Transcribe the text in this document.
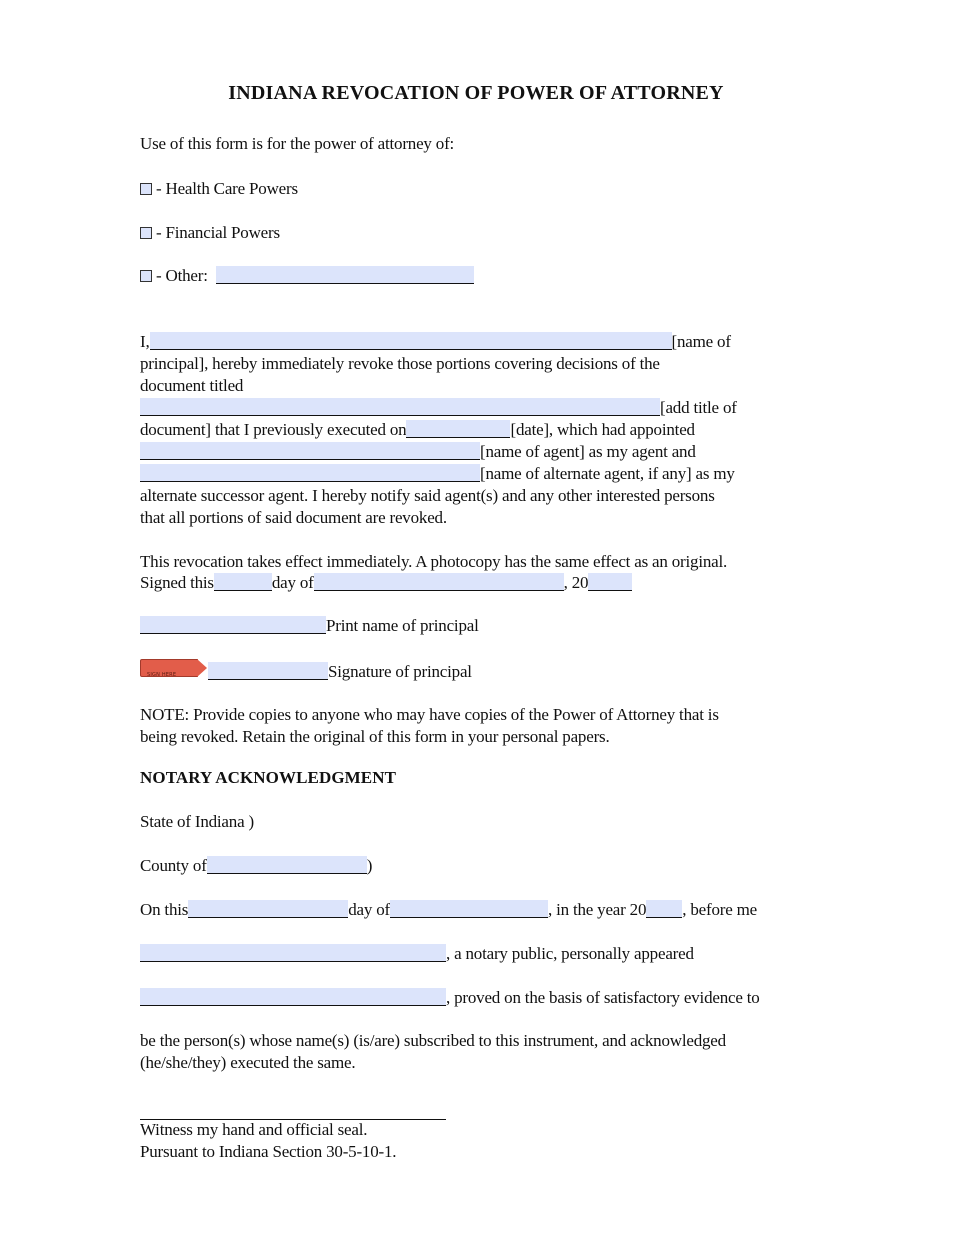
INDIANA REVOCATION OF POWER OF ATTORNEY
Use of this form is for the power of attorney of:
- Health Care Powers
- Financial Powers
- Other:
I,	[name of
principal], hereby immediately revoke those portions covering decisions of the
document titled
[add title of
document] that I previously executed on	[date], which had appointed
[name of agent] as my agent and
[name of alternate agent, if any] as my
alternate successor agent. I hereby notify said agent(s) and any other interested persons
that all portions of said document are revoked.
This revocation takes effect immediately. A photocopy has the same effect as an original.
Signed this	day of	, 20
Print name of principal
SIGN HERE	Signature of principal
NOTE: Provide copies to anyone who may have copies of the Power of Attorney that is
being revoked. Retain the original of this form in your personal papers.
NOTARY ACKNOWLEDGMENT
State of Indiana )
County of	)
On this	day of	, in the year 20 , before me
, a notary public, personally appeared
, proved on the basis of satisfactory evidence to
be the person(s) whose name(s) (is/are) subscribed to this instrument, and acknowledged
(he/she/they) executed the same.
Witness my hand and official seal.
Pursuant to Indiana Section 30-5-10-1.
